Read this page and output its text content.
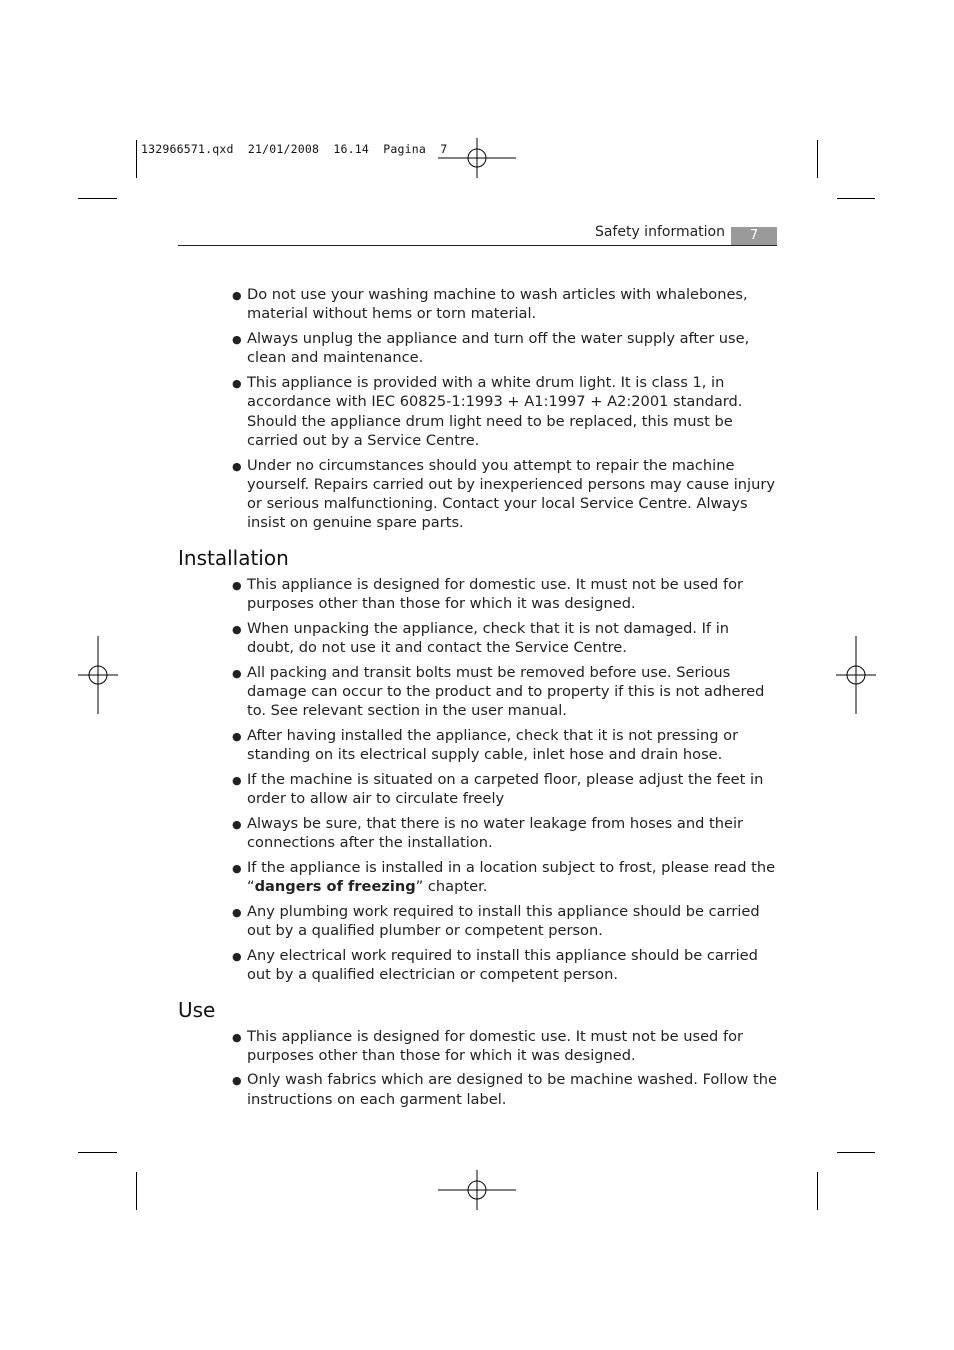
132966571.qxd  21/01/2008  16.14  Pagina  7
Safety information	7
● Do not use your washing machine to wash articles with whalebones, material without hems or torn material.
● Always unplug the appliance and turn off the water supply after use, clean and maintenance.
● This appliance is provided with a white drum light. It is class 1, in accordance with IEC 60825-1:1993 + A1:1997 + A2:2001 standard. Should the appliance drum light need to be replaced, this must be carried out by a Service Centre.
● Under no circumstances should you attempt to repair the machine yourself. Repairs carried out by inexperienced persons may cause injury or serious malfunctioning. Contact your local Service Centre. Always insist on genuine spare parts.
Installation
● This appliance is designed for domestic use. It must not be used for purposes other than those for which it was designed.
● When unpacking the appliance, check that it is not damaged. If in doubt, do not use it and contact the Service Centre.
● All packing and transit bolts must be removed before use. Serious damage can occur to the product and to property if this is not adhered to. See relevant section in the user manual.
● After having installed the appliance, check that it is not pressing or standing on its electrical supply cable, inlet hose and drain hose.
● If the machine is situated on a carpeted floor, please adjust the feet in order to allow air to circulate freely
● Always be sure, that there is no water leakage from hoses and their connections after the installation.
● If the appliance is installed in a location subject to frost, please read the “dangers of freezing” chapter.
● Any plumbing work required to install this appliance should be carried out by a qualified plumber or competent person.
● Any electrical work required to install this appliance should be carried out by a qualified electrician or competent person.
Use
● This appliance is designed for domestic use. It must not be used for purposes other than those for which it was designed.
● Only wash fabrics which are designed to be machine washed. Follow the instructions on each garment label.
